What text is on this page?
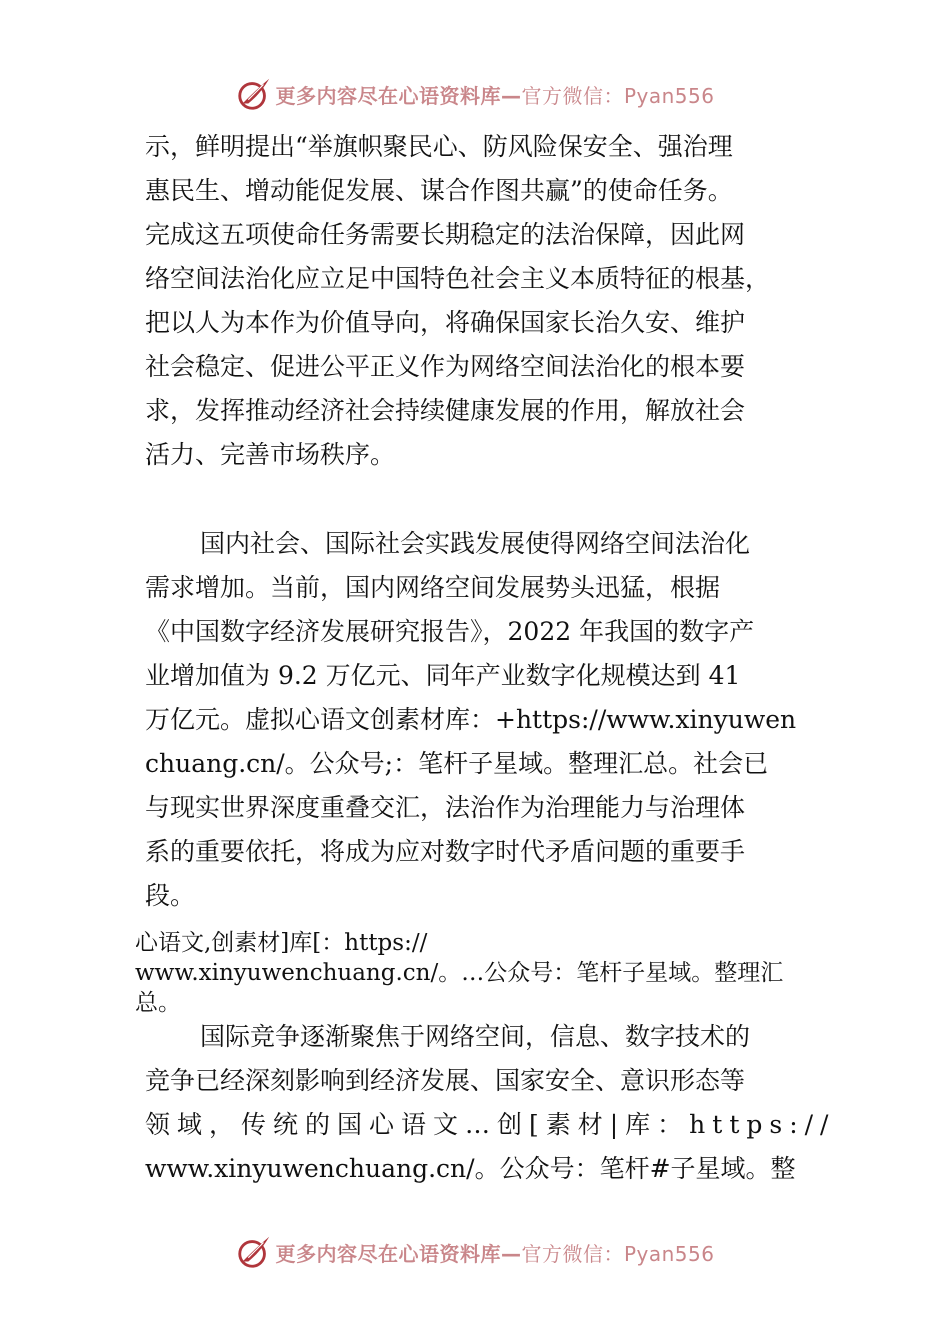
更多内容尽在心语资料库—官方微信：Pyan556
示，鲜明提出“举旗帜聚民心、防风险保安全、强治理
惠民生、增动能促发展、谋合作图共赢”的使命任务。
完成这五项使命任务需要长期稳定的法治保障，因此网
络空间法治化应立足中国特色社会主义本质特征的根基，
把以人为本作为价值导向，将确保国家长治久安、维护
社会稳定、促进公平正义作为网络空间法治化的根本要
求，发挥推动经济社会持续健康发展的作用，解放社会
活力、完善市场秩序。
国内社会、国际社会实践发展使得网络空间法治化
需求增加。当前，国内网络空间发展势头迅猛，根据
《中国数字经济发展研究报告》，2022 年我国的数字产
业增加值为 9.2 万亿元、同年产业数字化规模达到 41
万亿元。虚拟心语文创素材库：+https://www.xinyuwen
chuang.cn/。公众号;：笔杆子星域。整理汇总。社会已
与现实世界深度重叠交汇，法治作为治理能力与治理体
系的重要依托，将成为应对数字时代矛盾问题的重要手
段。
心语文,创素材]库[：https://
www.xinyuwenchuang.cn/。…公众号：笔杆子星域。整理汇
总。
国际竞争逐渐聚焦于网络空间，信息、数字技术的
竞争已经深刻影响到经济发展、国家安全、意识形态等
领域，传统的国心语文…创[素材|库：https://
www.xinyuwenchuang.cn/。公众号：笔杆#子星域。整
更多内容尽在心语资料库—官方微信：Pyan556
